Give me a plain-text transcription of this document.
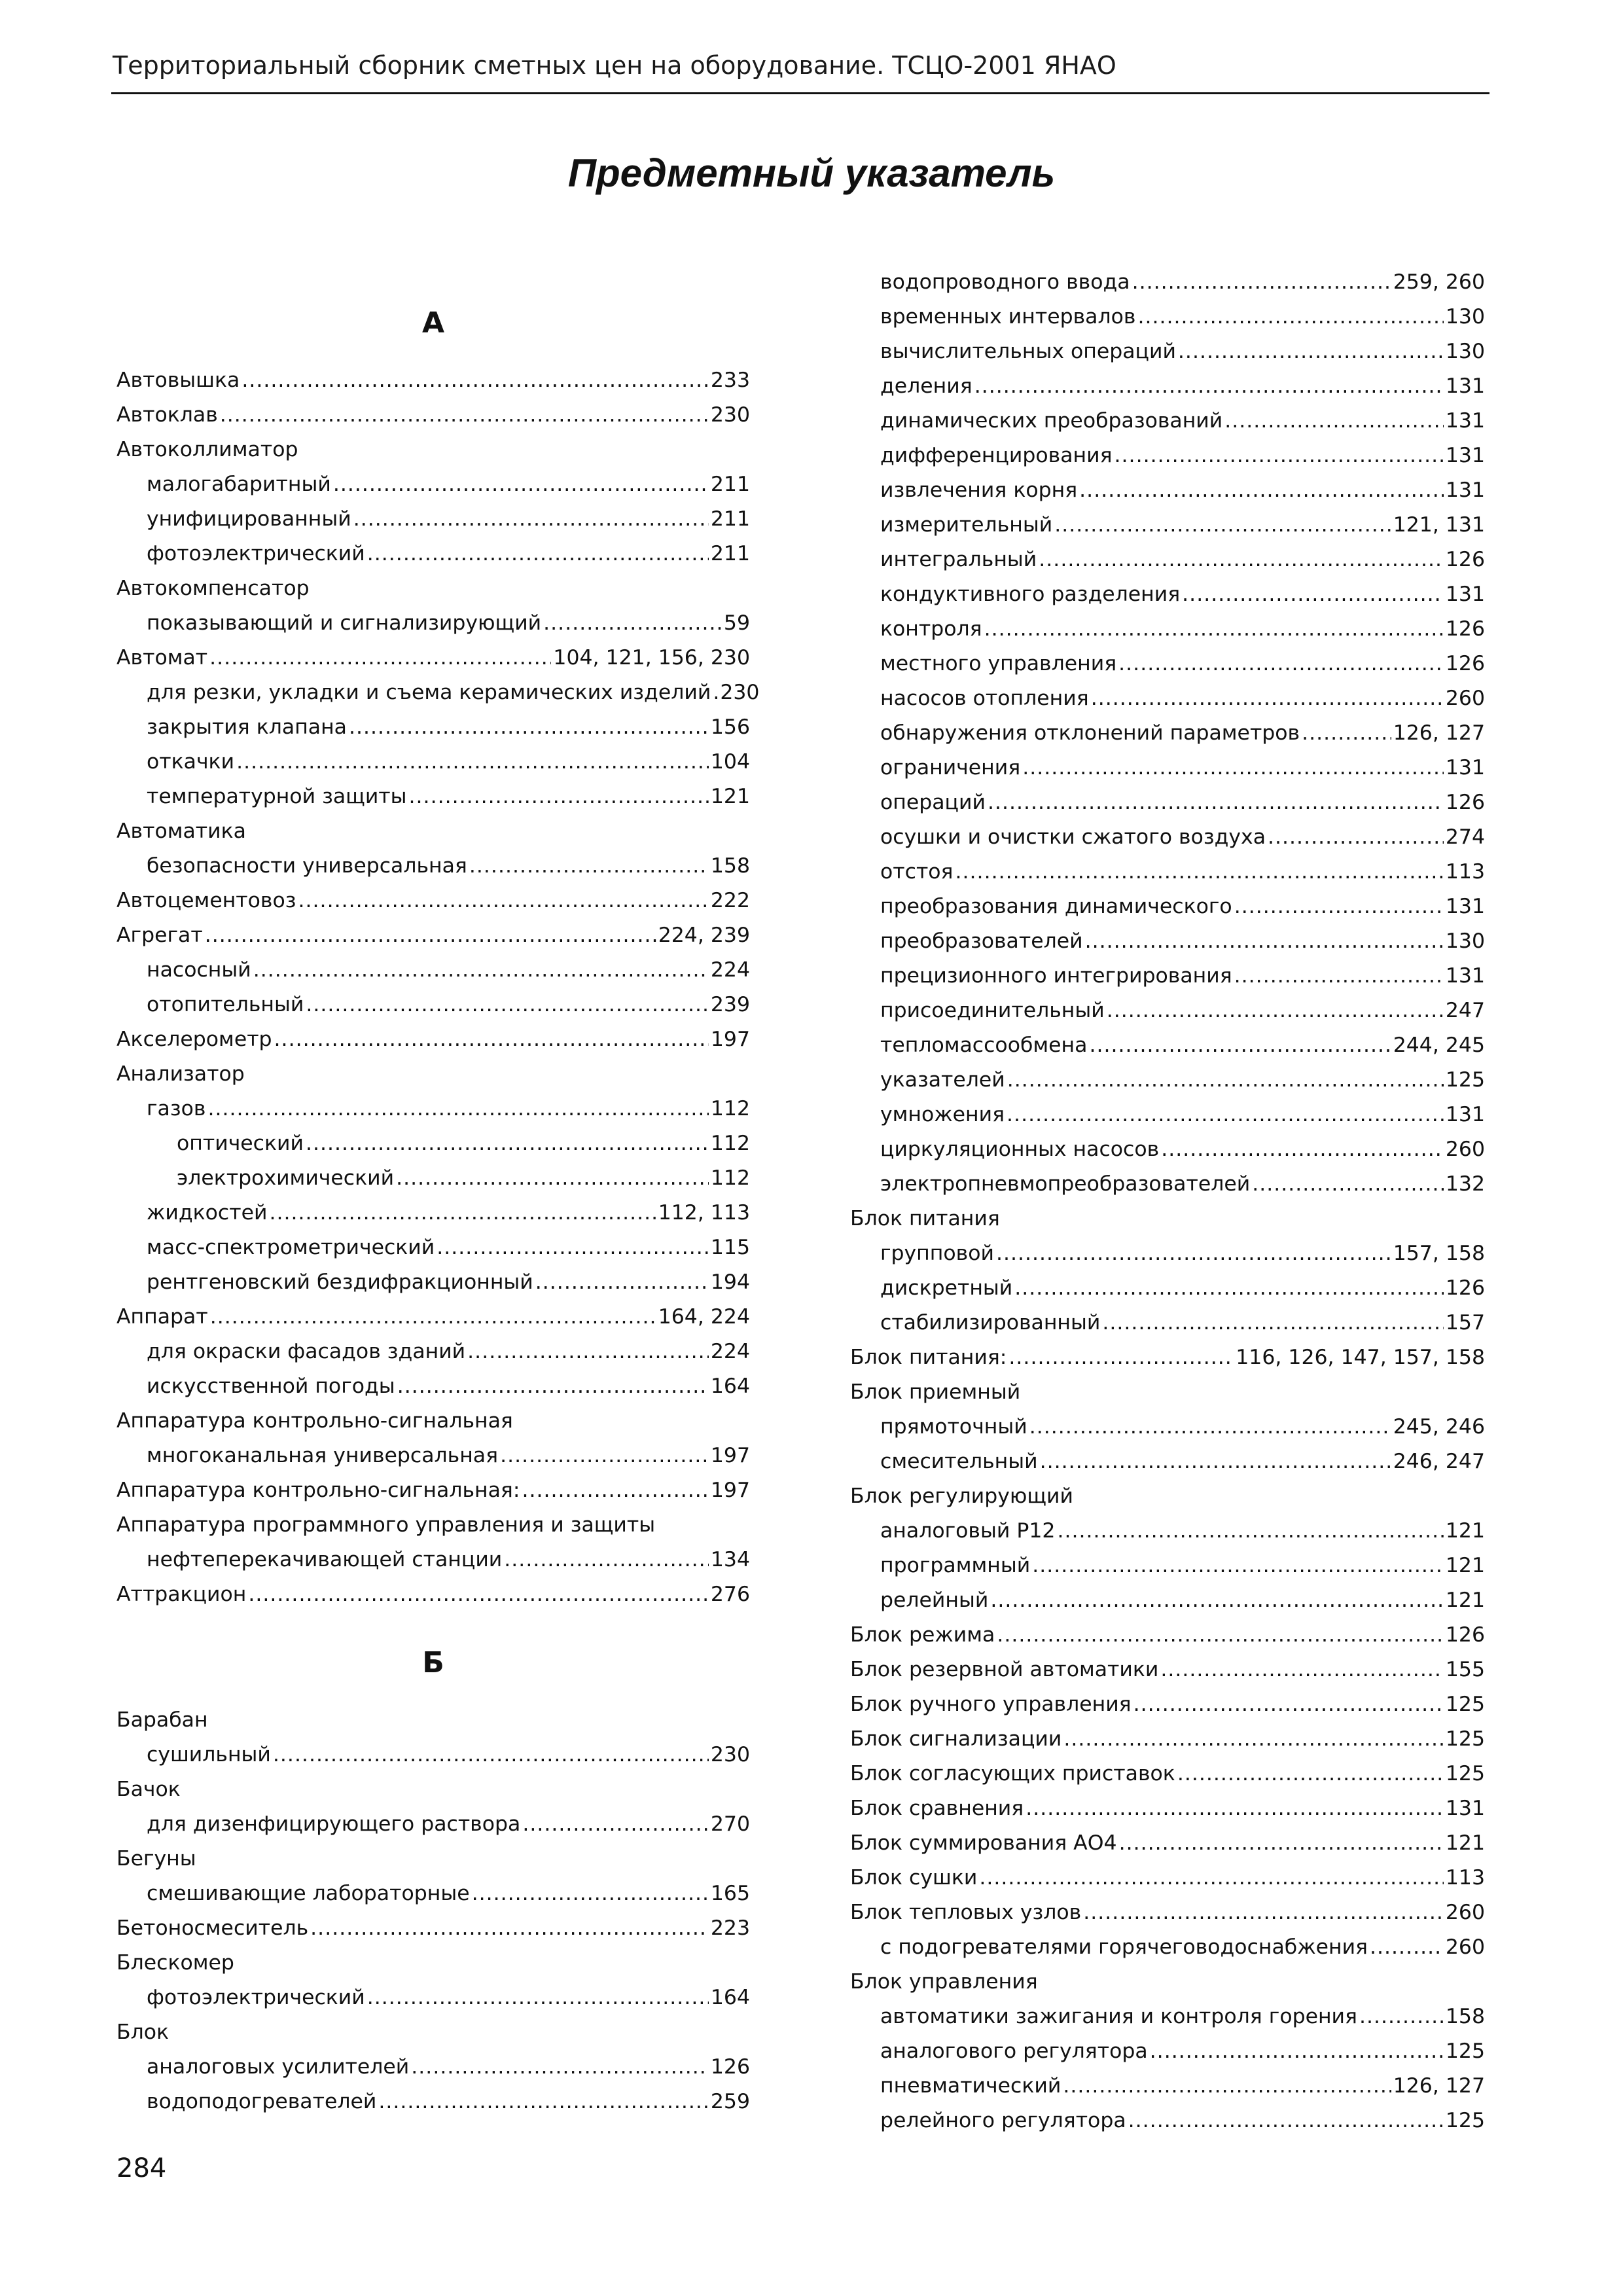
Территориальный сборник сметных цен на оборудование. ТСЦО-2001 ЯНАО
Предметный указатель
А
Автовышка .....	233
Автоклав .....	230
Автоколлиматор
малогабаритный .....	211
унифицированный .....	211
фотоэлектрический .....	211
Автокомпенсатор
показывающий и сигнализирующий .....	59
Автомат .....	104, 121, 156, 230
для резки, укладки и съема керамических изделий ..... 230
закрытия клапана .....	156
откачки .....	104
температурной защиты .....	121
Автоматика
безопасности универсальная .....	158
Автоцементовоз .....	222
Агрегат .....	224, 239
насосный .....	224
отопительный .....	239
Акселерометр .....	197
Анализатор
газов .....	112
оптический .....	112
электрохимический .....	112
жидкостей .....	112, 113
масс-спектрометрический .....	115
рентгеновский бездифракционный .....	194
Аппарат .....	164, 224
для окраски фасадов зданий .....	224
искусственной погоды .....	164
Аппаратура контрольно-сигнальная
многоканальная универсальная .....	197
Аппаратура контрольно-сигнальная: .....	197
Аппаратура программного управления и защиты
нефтеперекачивающей станции .....	134
Аттракцион .....	276
Б
Барабан
сушильный .....	230
Бачок
для дизенфицирующего раствора .....	270
Бегуны
смешивающие лабораторные .....	165
Бетоносмеситель .....	223
Блескомер
фотоэлектрический .....	164
Блок
аналоговых усилителей .....	126
водоподогревателей .....	259
водопроводного ввода .....	259, 260
временных интервалов .....	130
вычислительных операций .....	130
деления .....	131
динамических преобразований .....	131
дифференцирования .....	131
извлечения корня .....	131
измерительный .....	121, 131
интегральный .....	126
кондуктивного разделения .....	131
контроля .....	126
местного управления .....	126
насосов отопления .....	260
обнаружения отклонений параметров .....	126, 127
ограничения .....	131
операций .....	126
осушки и очистки сжатого воздуха .....	274
отстоя .....	113
преобразования динамического .....	131
преобразователей .....	130
прецизионного интегрирования .....	131
присоединительный .....	247
тепломассообмена .....	244, 245
указателей .....	125
умножения .....	131
циркуляционных насосов .....	260
электропневмопреобразователей .....	132
Блок питания
групповой .....	157, 158
дискретный .....	126
стабилизированный .....	157
Блок питания: .....	116, 126, 147, 157, 158
Блок приемный
прямоточный .....	245, 246
смесительный .....	246, 247
Блок регулирующий
аналоговый Р12 .....	121
программный .....	121
релейный .....	121
Блок режима .....	126
Блок резервной автоматики .....	155
Блок ручного управления .....	125
Блок сигнализации .....	125
Блок согласующих приставок .....	125
Блок сравнения .....	131
Блок суммирования АО4 .....	121
Блок сушки .....	113
Блок тепловых узлов .....	260
с подогревателями горячеговодоснабжения .....	260
Блок управления
автоматики зажигания и контроля горения .....	158
аналогового регулятора .....	125
пневматический .....	126, 127
релейного регулятора .....	125
284
